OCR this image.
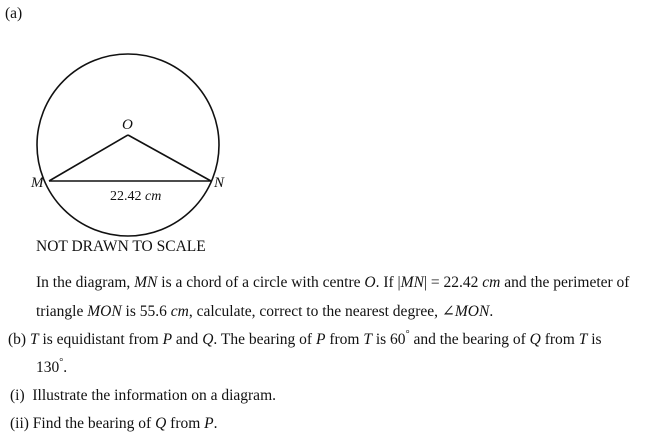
(a)
O
M	N
22.42 cm
NOT DRAWN TO SCALE
In the diagram, MN is a chord of a circle with centre O. If |MN| = 22.42 cm and the perimeter of
triangle MON is 55.6 cm, calculate, correct to the nearest degree, ∠MON.
(b) T is equidistant from P and Q. The bearing of P from T is 60° and the bearing of Q from T is
130°.
(i)  Illustrate the information on a diagram.
(ii) Find the bearing of Q from P.
